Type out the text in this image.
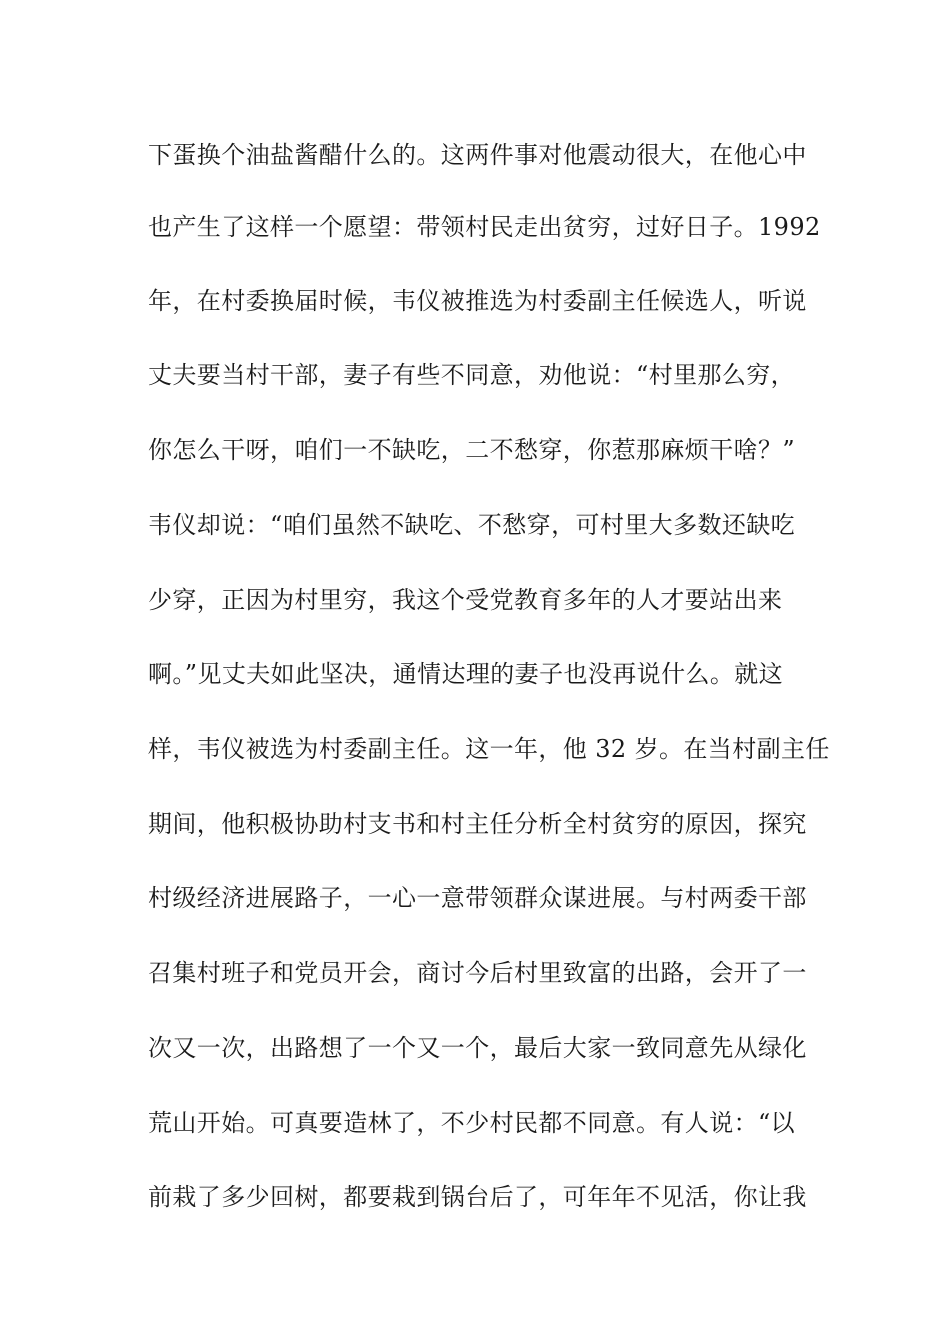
下蛋换个油盐酱醋什么的。这两件事对他震动很大，在他心中
也产生了这样一个愿望：带领村民走出贫穷，过好日子。1992
年，在村委换届时候，韦仪被推选为村委副主任候选人，听说
丈夫要当村干部，妻子有些不同意，劝他说：“村里那么穷，
你怎么干呀，咱们一不缺吃，二不愁穿，你惹那麻烦干啥？”
韦仪却说：“咱们虽然不缺吃、不愁穿，可村里大多数还缺吃
少穿，正因为村里穷，我这个受党教育多年的人才要站出来
啊。”见丈夫如此坚决，通情达理的妻子也没再说什么。就这
样，韦仪被选为村委副主任。这一年，他 32 岁。在当村副主任
期间，他积极协助村支书和村主任分析全村贫穷的原因，探究
村级经济进展路子，一心一意带领群众谋进展。与村两委干部
召集村班子和党员开会，商讨今后村里致富的出路，会开了一
次又一次，出路想了一个又一个，最后大家一致同意先从绿化
荒山开始。可真要造林了，不少村民都不同意。有人说：“以
前栽了多少回树，都要栽到锅台后了，可年年不见活，你让我
